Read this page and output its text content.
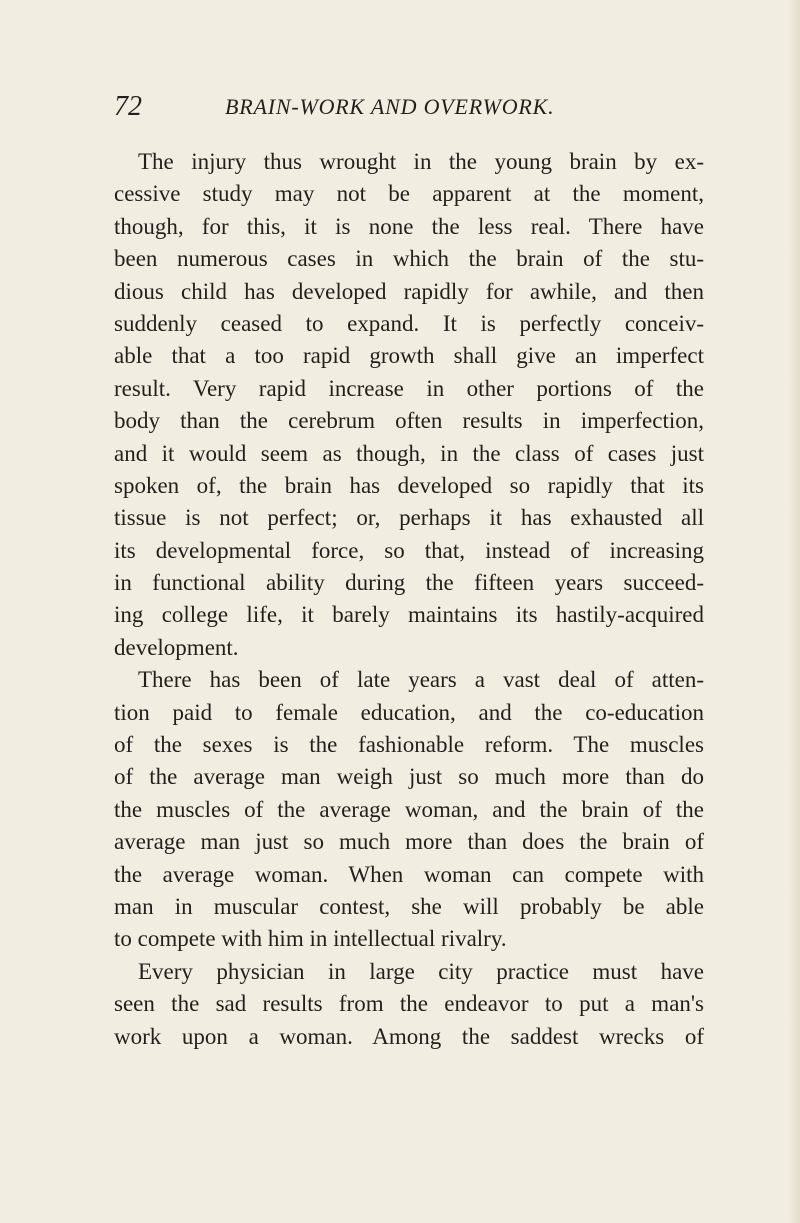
72	BRAIN-WORK AND OVERWORK.
The injury thus wrought in the young brain by ex-
cessive study may not be apparent at the moment,
though, for this, it is none the less real. There have
been numerous cases in which the brain of the stu-
dious child has developed rapidly for awhile, and then
suddenly ceased to expand. It is perfectly conceiv-
able that a too rapid growth shall give an imperfect
result. Very rapid increase in other portions of the
body than the cerebrum often results in imperfection,
and it would seem as though, in the class of cases just
spoken of, the brain has developed so rapidly that its
tissue is not perfect; or, perhaps it has exhausted all
its developmental force, so that, instead of increasing
in functional ability during the fifteen years succeed-
ing college life, it barely maintains its hastily-acquired
development.
There has been of late years a vast deal of atten-
tion paid to female education, and the co-education
of the sexes is the fashionable reform. The muscles
of the average man weigh just so much more than do
the muscles of the average woman, and the brain of the
average man just so much more than does the brain of
the average woman. When woman can compete with
man in muscular contest, she will probably be able
to compete with him in intellectual rivalry.
Every physician in large city practice must have
seen the sad results from the endeavor to put a man's
work upon a woman. Among the saddest wrecks of
